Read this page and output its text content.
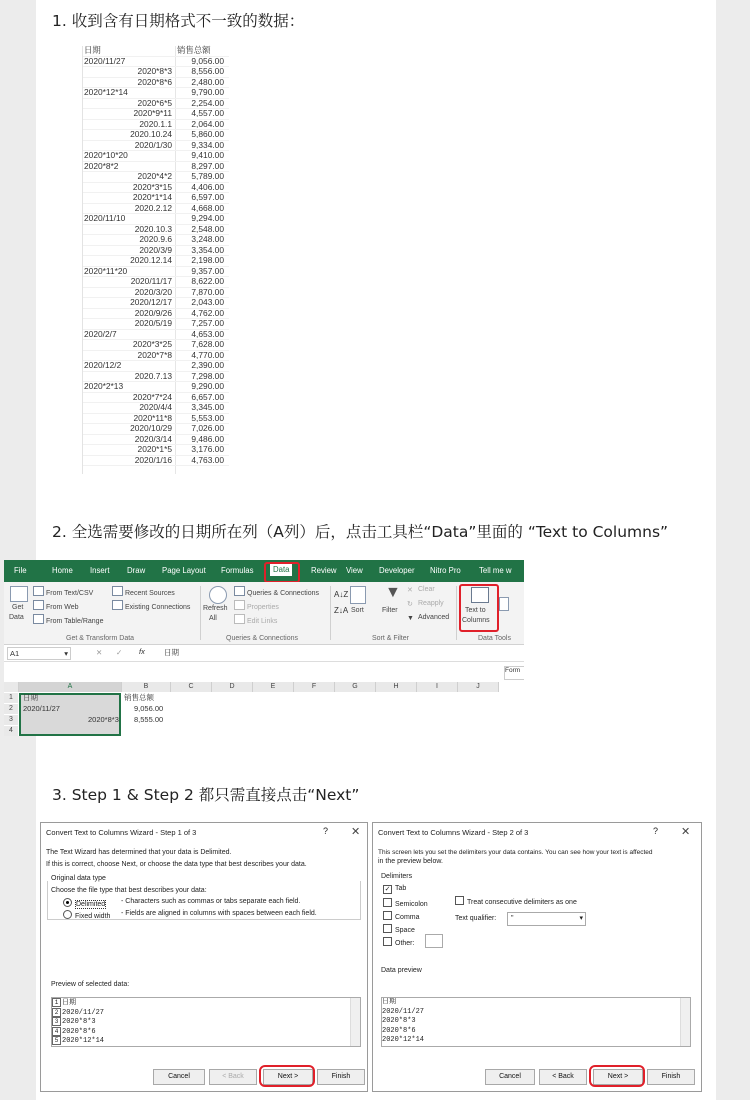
1. 收到含有日期格式不一致的数据：
日期	销售总额
2020/11/27	9,056.00
2020*8*3	8,556.00
2020*8*6	2,480.00
2020*12*14	9,790.00
2020*6*5	2,254.00
2020*9*11	4,557.00
2020.1.1	2,064.00
2020.10.24	5,860.00
2020/1/30	9,334.00
2020*10*20	9,410.00
2020*8*2	8,297.00
2020*4*2	5,789.00
2020*3*15	4,406.00
2020*1*14	6,597.00
2020.2.12	4,668.00
2020/11/10	9,294.00
2020.10.3	2,548.00
2020.9.6	3,248.00
2020/3/9	3,354.00
2020.12.14	2,198.00
2020*11*20	9,357.00
2020/11/17	8,622.00
2020/3/20	7,870.00
2020/12/17	2,043.00
2020/9/26	4,762.00
2020/5/19	7,257.00
2020/2/7	4,653.00
2020*3*25	7,628.00
2020*7*8	4,770.00
2020/12/2	2,390.00
2020.7.13	7,298.00
2020*2*13	9,290.00
2020*7*24	6,657.00
2020/4/4	3,345.00
2020*11*8	5,553.00
2020/10/29	7,026.00
2020/3/14	9,486.00
2020*1*5	3,176.00
2020/1/16	4,763.00
2. 全选需要修改的日期所在列（A列）后，点击工具栏“Data”里面的 “Text to Columns”
3. Step 1 & Step 2 都只需直接点击“Next”
File	Home Insert Draw Page Layout Formulas	Data	Review View Developer Nitro Pro Tell me w
Get
Data
From Text/CSV
From Web
From Table/Range
Recent Sources
Existing Connections
Get & Transform Data
Refresh
All
Queries & Connections
Properties
Edit Links
Queries & Connections
A↓Z
Z↓A Sort
▼
Filter
✕ Clear
↻ Reapply
▼ Advanced
Sort & Filter
Text to
Columns
Data Tools
A1	▾	✕ ✓ fx	日期
Form
A	B	C	D	E	F	G	H	I	J
1
2
3
4
日期	销售总额
2020/11/27	9,056.00
2020*8*3 8,555.00
Convert Text to Columns Wizard - Step 1 of 3	? ✕
The Text Wizard has determined that your data is Delimited.
If this is correct, choose Next, or choose the data type that best describes your data.
Original data type
Choose the file type that best describes your data:
Delimited - Characters such as commas or tabs separate each field.
Fixed width - Fields are aligned in columns with spaces between each field.
Preview of selected data:
1 日期
2 2020/11/27
3 2020*8*3
4 2020*8*6
5 2020*12*14
Cancel	< Back	Next >	Finish
Convert Text to Columns Wizard - Step 2 of 3	? ✕
This screen lets you set the delimiters your data contains. You can see how your text is affected
in the preview below.
Delimiters
✓ Tab
Semicolon
Comma
Space
Other:
Treat consecutive delimiters as one
Text qualifier:	"	▾
Data preview
日期
2020/11/27
2020*8*3
2020*8*6
2020*12*14
Cancel	< Back	Next >	Finish
